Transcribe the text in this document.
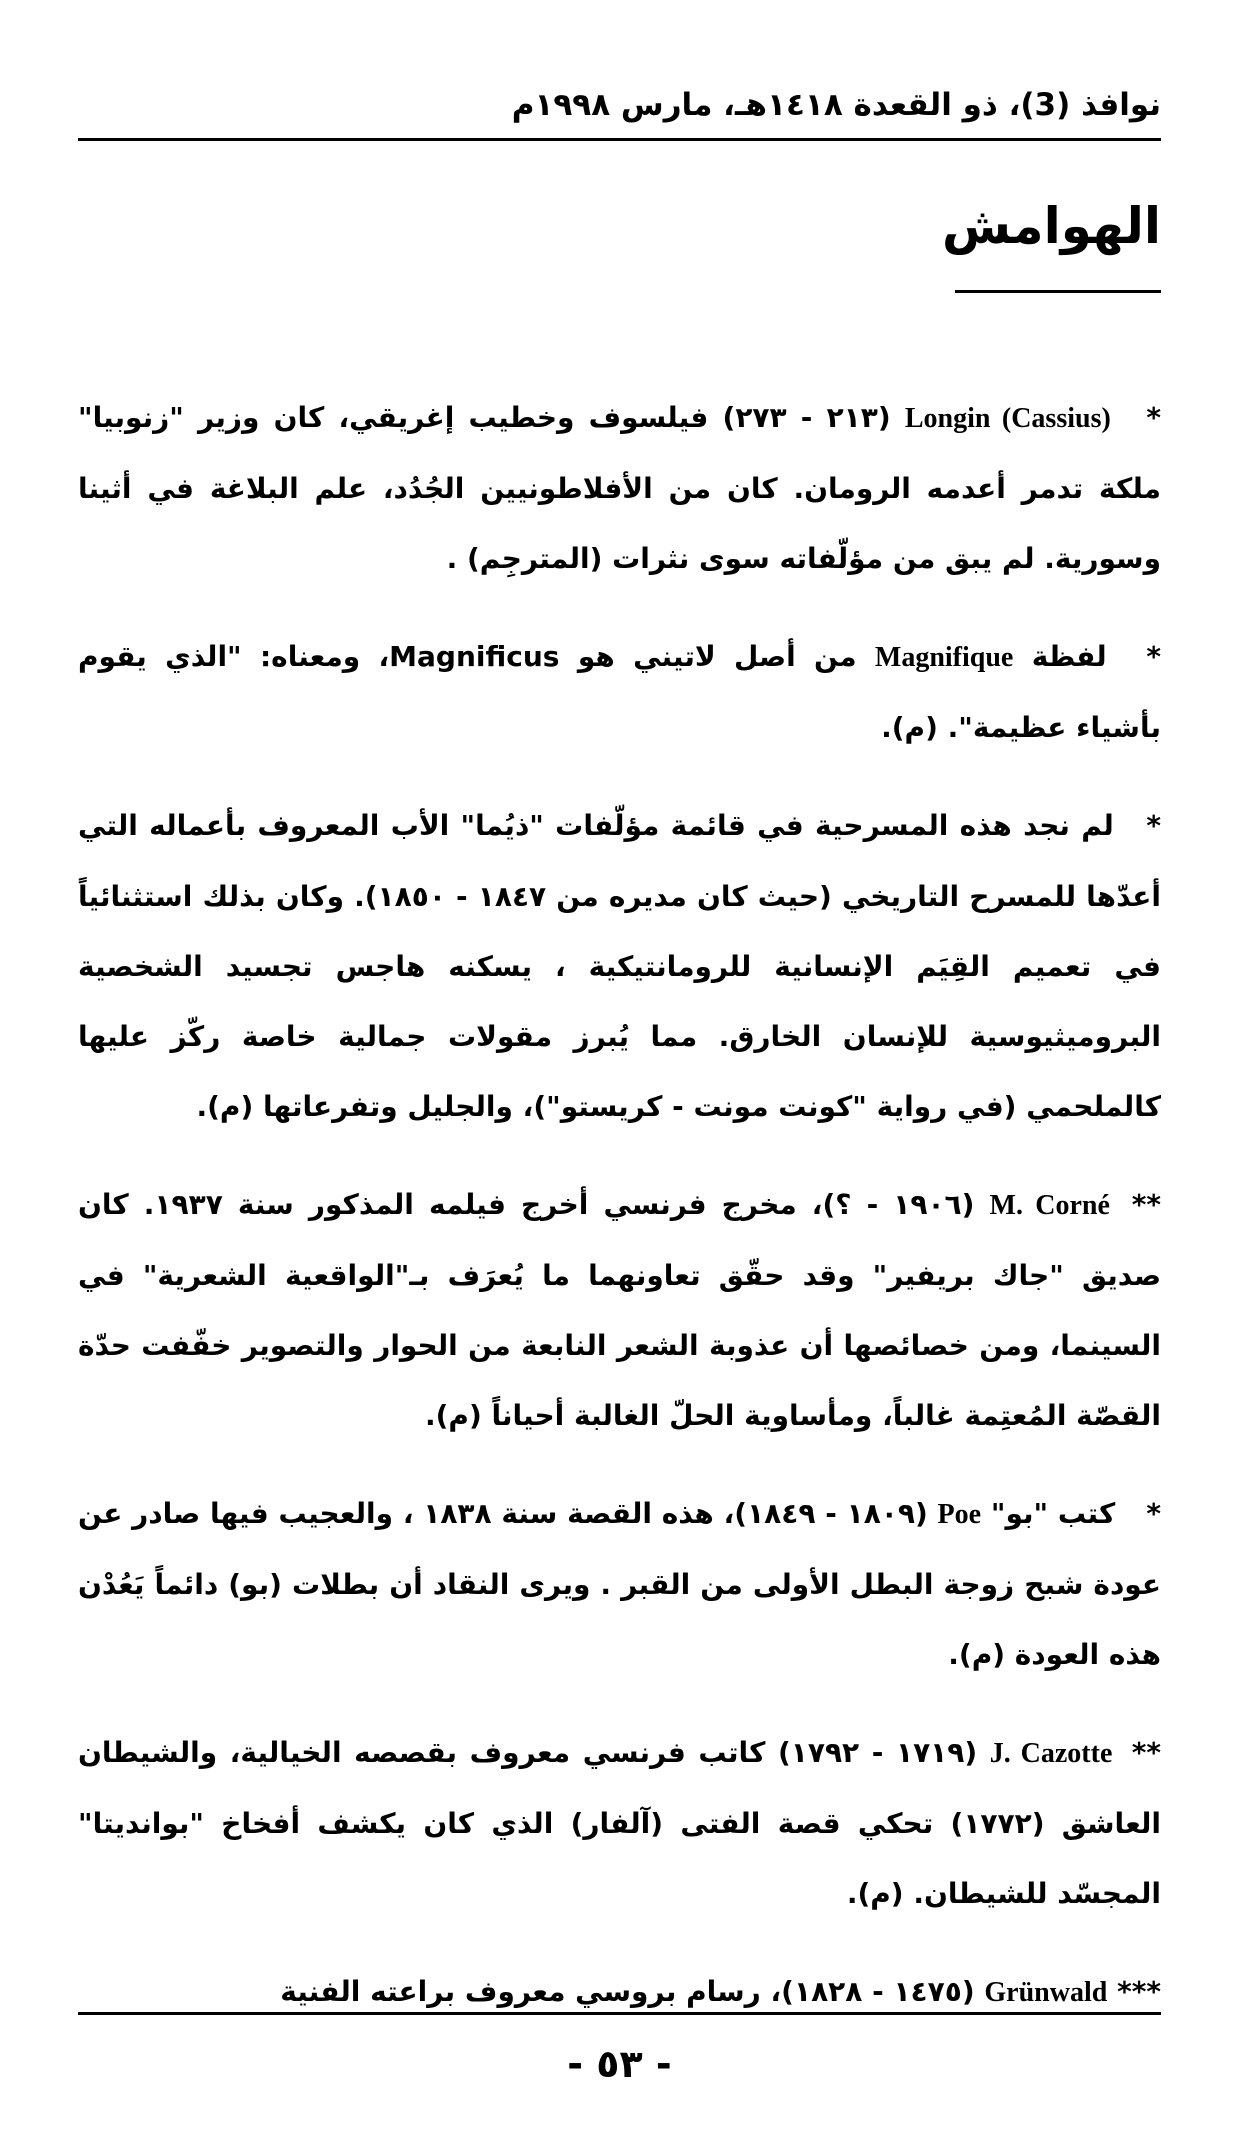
نوافذ (3)، ذو القعدة ١٤١٨هـ، مارس ١٩٩٨م
الهوامش

* Longin (Cassius) (٢١٣ - ٢٧٣) فيلسوف وخطيب إغريقي، كان وزير "زنوبيا" ملكة تدمر أعدمه الرومان. كان من الأفلاطونيين الجُدُد، علم البلاغة في أثينا وسورية. لم يبق من مؤلّفاته سوى نثرات (المترجِم) .

* لفظة Magnifique من أصل لاتيني هو Magnificus، ومعناه: "الذي يقوم بأشياء عظيمة". (م).

* لم نجد هذه المسرحية في قائمة مؤلّفات "ذيُما" الأب المعروف بأعماله التي أعدّها للمسرح التاريخي (حيث كان مديره من ١٨٤٧ - ١٨٥٠). وكان بذلك استثنائياً في تعميم القِيَم الإنسانية للرومانتيكية ، يسكنه هاجس تجسيد الشخصية البروميثيوسية للإنسان الخارق. مما يُبرز مقولات جمالية خاصة ركّز عليها كالملحمي (في رواية "كونت مونت - كريستو")، والجليل وتفرعاتها (م).

** M. Corné (١٩٠٦ - ؟)، مخرج فرنسي أخرج فيلمه المذكور سنة ١٩٣٧. كان صديق "جاك بريفير" وقد حقّق تعاونهما ما يُعرَف بـ"الواقعية الشعرية" في السينما، ومن خصائصها أن عذوبة الشعر النابعة من الحوار والتصوير خفّفت حدّة القصّة المُعتِمة غالباً، ومأساوية الحلّ الغالبة أحياناً (م).

* كتب "بو" Poe (١٨٠٩ - ١٨٤٩)، هذه القصة سنة ١٨٣٨ ، والعجيب فيها صادر عن عودة شبح زوجة البطل الأولى من القبر . ويرى النقاد أن بطلات (بو) دائماً يَعُدْن هذه العودة (م).

** J. Cazotte (١٧١٩ - ١٧٩٢) كاتب فرنسي معروف بقصصه الخيالية، والشيطان العاشق (١٧٧٢) تحكي قصة الفتى (آلفار) الذي كان يكشف أفخاخ "بوانديتا" المجسّد للشيطان. (م).

*** Grünwald (١٤٧٥ - ١٨٢٨)، رسام بروسي معروف براعته الفنية

- ٥٣ -
